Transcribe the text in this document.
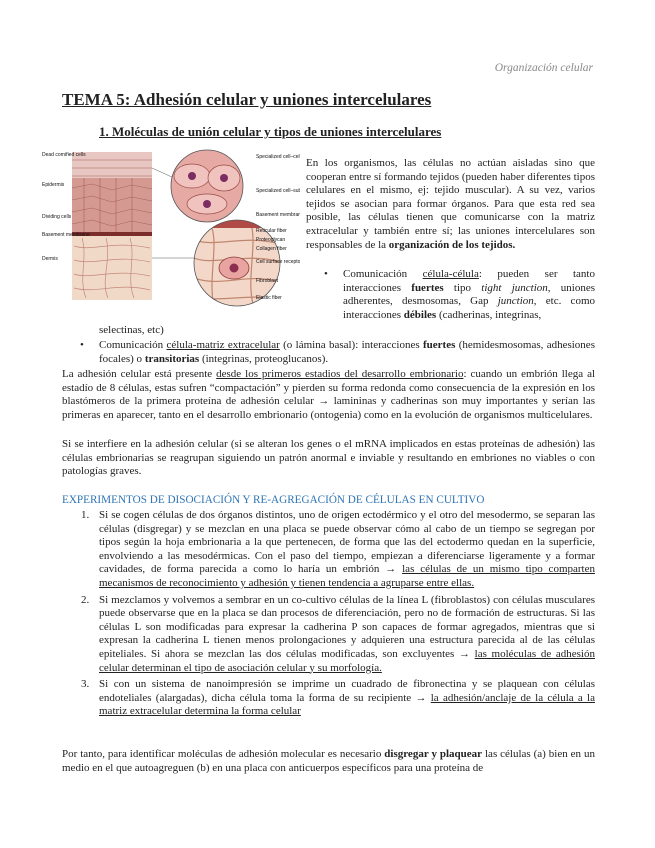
Organización celular
TEMA 5: Adhesión celular y uniones intercelulares
1. Moléculas de unión celular y tipos de uniones intercelulares
Dead cornified cells
Epidermis
Dividing cells
Basement membrane
Dermis
Specialized cell–cell
Specialized cell–su
Basement membrane
Reticular fiber
Proteoglycan
Collagen fiber
Cell surface recepto
Fibroblast
Elastic fiber

En los organismos, las células no actúan aisladas sino que cooperan entre sí formando tejidos (pueden haber diferentes tipos celulares en el mismo, ej: tejido muscular). A su vez, varios tejidos se asocian para formar órganos. Para que esta red sea posible, las células tienen que comunicarse con la matriz extracelular y también entre sí; las uniones intercelulares son responsables de la organización de los tejidos.

• Comunicación célula-célula: pueden ser tanto interacciones fuertes tipo tight junction, uniones adherentes, desmosomas, Gap junction, etc. como interacciones débiles (cadherinas, integrinas,
selectinas, etc)
• Comunicación célula-matriz extracelular (o lámina basal): interacciones fuertes (hemidesmosomas, adhesiones focales) o transitorias (integrinas, proteoglucanos).

La adhesión celular está presente desde los primeros estadios del desarrollo embrionario: cuando un embrión llega al estadío de 8 células, estas sufren “compactación” y pierden su forma redonda como consecuencia de la expresión en los blastómeros de la primera proteína de adhesión celular → lamininas y cadherinas son muy importantes y serían las primeras en aparecer, tanto en el desarrollo embrionario (ontogenia) como en la evolución de organismos multicelulares.

Si se interfiere en la adhesión celular (si se alteran los genes o el mRNA implicados en estas proteínas de adhesión) las células embrionarias se reagrupan siguiendo un patrón anormal e inviable y resultando en embriones no viables o con patologías graves.

EXPERIMENTOS DE DISOCIACIÓN Y RE-AGREGACIÓN DE CÉLULAS EN CULTIVO
1. Si se cogen células de dos órganos distintos, uno de origen ectodérmico y el otro del mesodermo, se separan las células (disgregar) y se mezclan en una placa se puede observar cómo al cabo de un tiempo se segregan por tipos según la hoja embrionaria a la que pertenecen, de forma que las del ectodermo quedan en la superficie, envolviendo a las mesodérmicas. Con el paso del tiempo, empiezan a diferenciarse ligeramente y a formar cavidades, de forma parecida a como lo haría un embrión → las células de un mismo tipo comparten mecanismos de reconocimiento y adhesión y tienen tendencia a agruparse entre ellas.
2. Si mezclamos y volvemos a sembrar en un co-cultivo células de la línea L (fibroblastos) con células musculares puede observarse que en la placa se dan procesos de diferenciación, pero no de formación de estructuras. Si las células L son modificadas para expresar la cadherina P son capaces de formar agregados, mientras que si expresan la cadherina L tienen menos prolongaciones y adquieren una estructura parecida al de las células epiteliales. Si ahora se mezclan las dos células modificadas, son excluyentes → las moléculas de adhesión celular determinan el tipo de asociación celular y su morfología.
3. Si con un sistema de nanoimpresión se imprime un cuadrado de fibronectina y se plaquean con células endoteliales (alargadas), dicha célula toma la forma de su recipiente → la adhesión/anclaje de la célula a la matriz extracelular determina la forma celular

Por tanto, para identificar moléculas de adhesión molecular es necesario disgregar y plaquear las células (a) bien en un medio en el que autoagreguen (b) en una placa con anticuerpos específicos para una proteína de
